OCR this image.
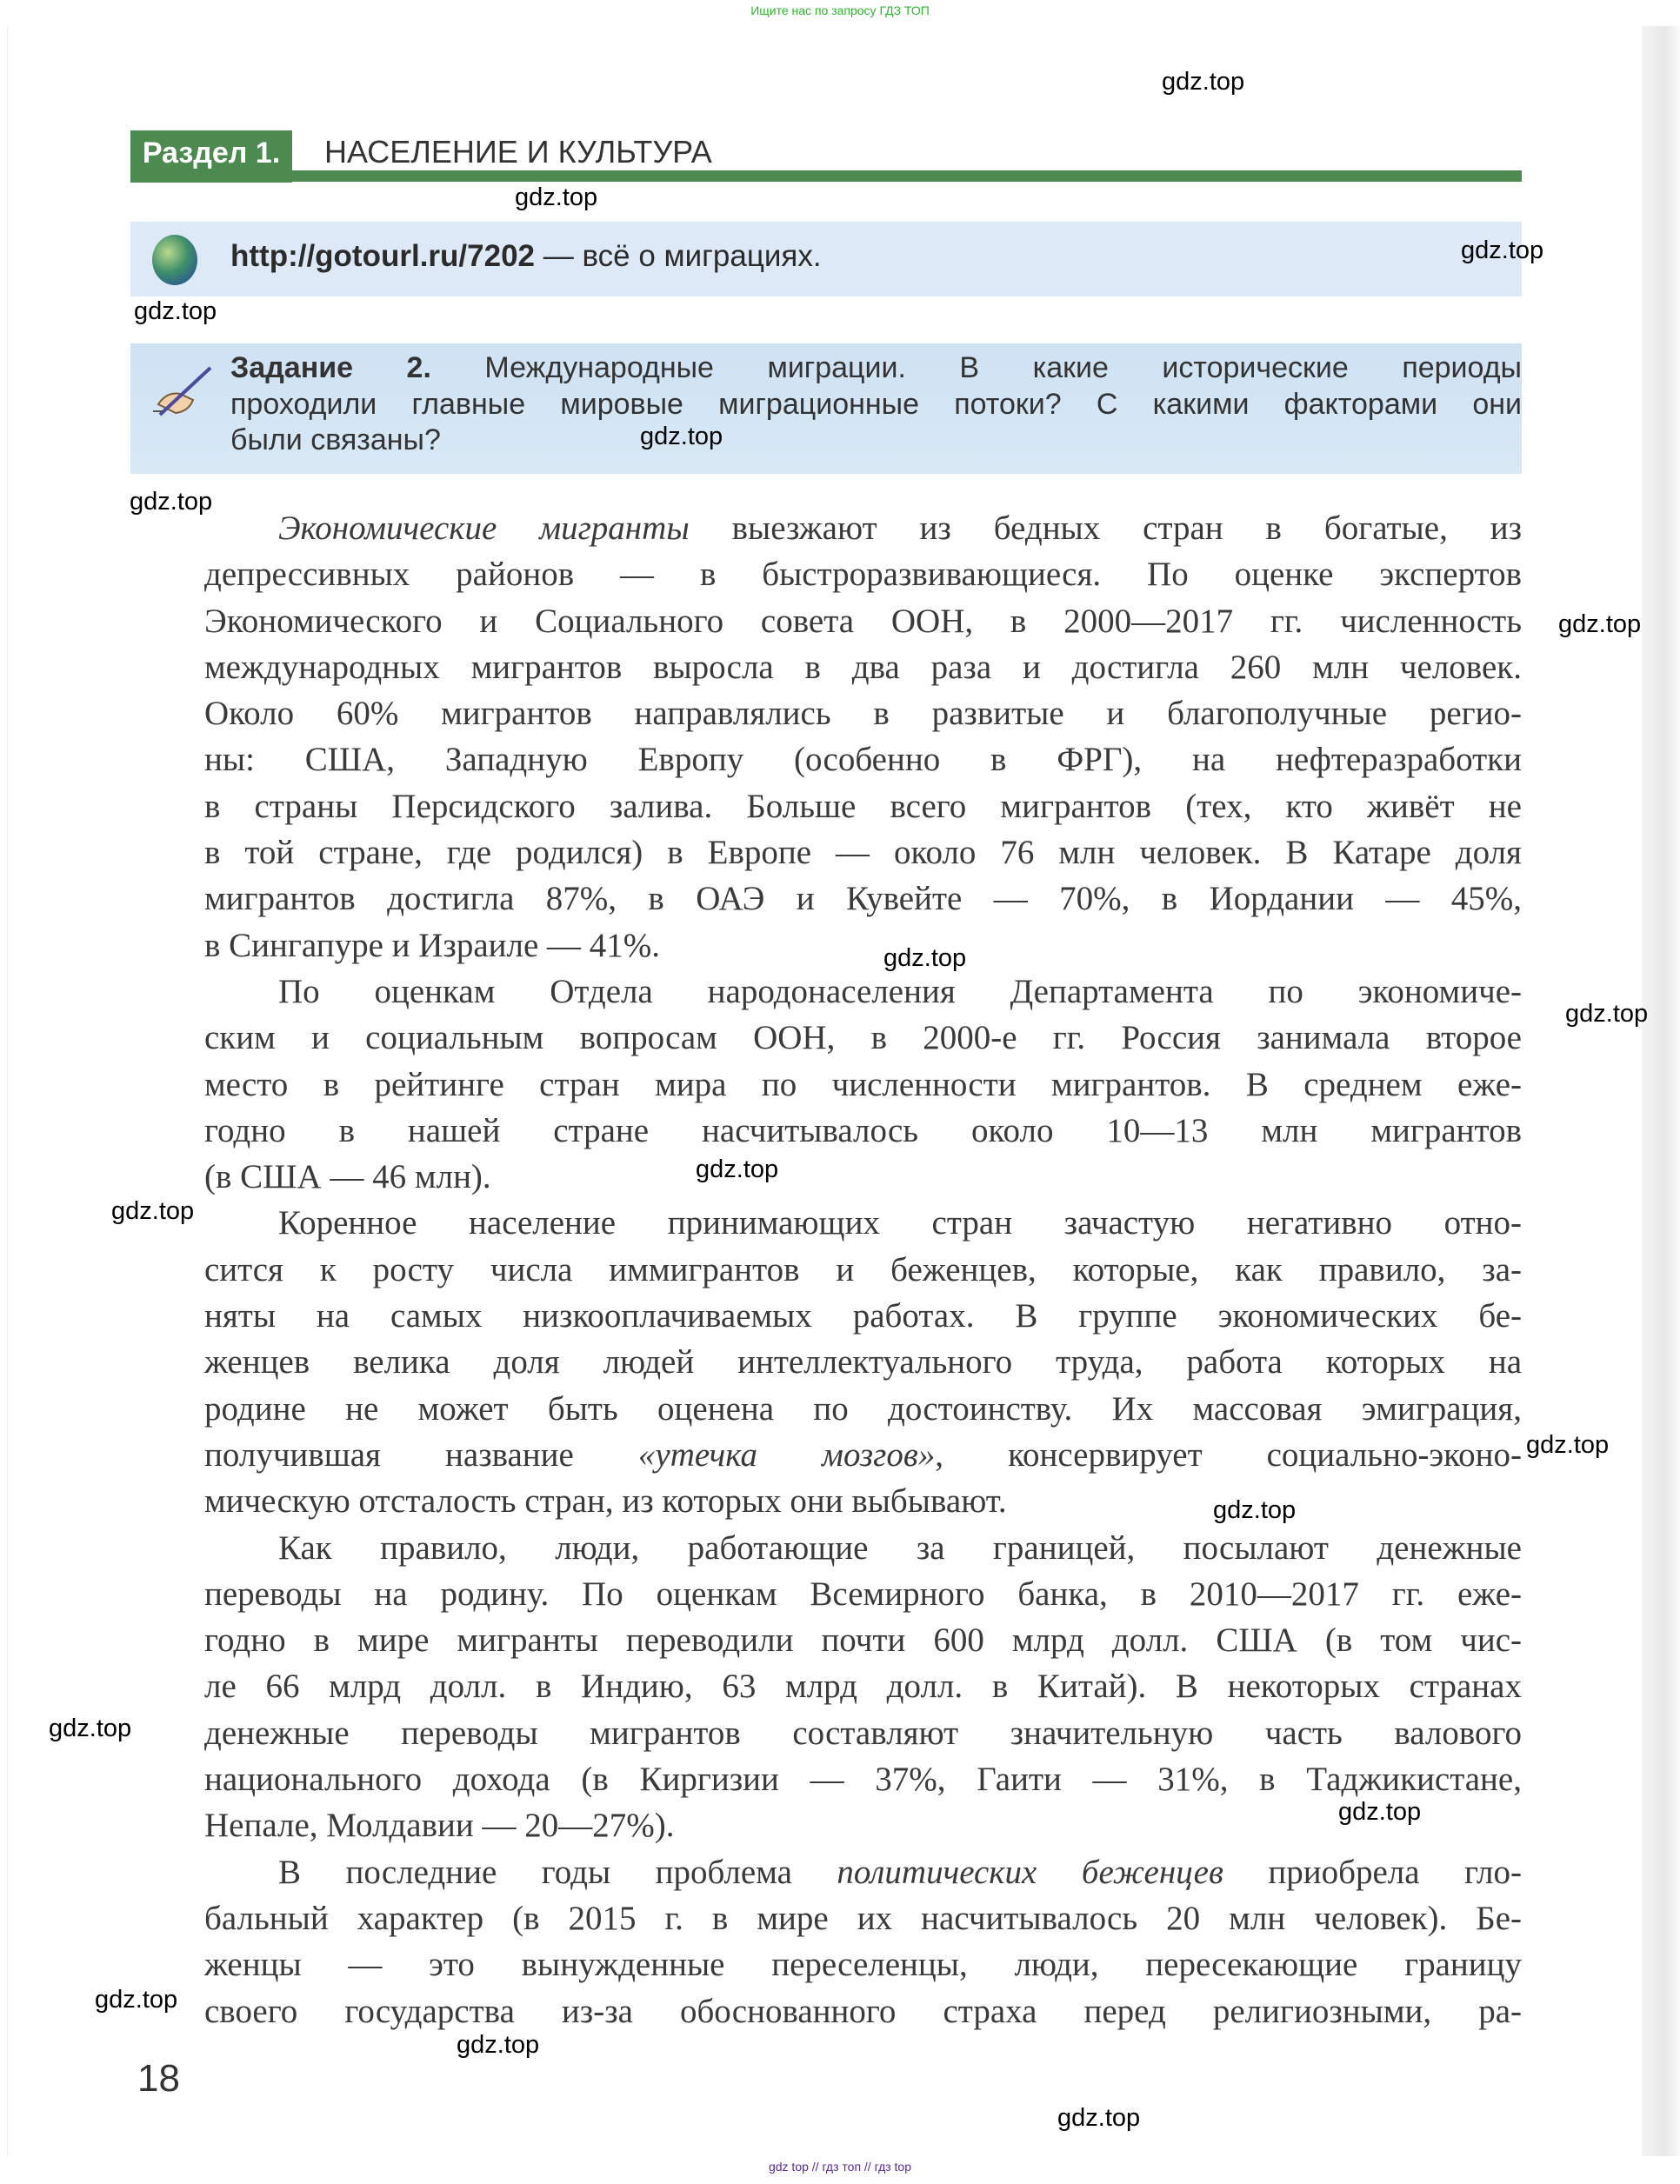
Ищите нас по запросу ГДЗ ТОП
Раздел 1.	НАСЕЛЕНИЕ И КУЛЬТУРА
http://gotourl.ru/7202 — всё о миграциях.
Задание 2. Международные миграции. В какие исторические периоды
проходили главные мировые миграционные потоки? С какими факторами они
были связаны?
Экономические мигранты выезжают из бедных стран в богатые, из
депрессивных районов — в быстроразвивающиеся. По оценке экспертов
Экономического и Социального совета ООН, в 2000—2017 гг. численность
международных мигрантов выросла в два раза и достигла 260 млн человек.
Около 60% мигрантов направлялись в развитые и благополучные регио-
ны: США, Западную Европу (особенно в ФРГ), на нефтеразработки
в страны Персидского залива. Больше всего мигрантов (тех, кто живёт не
в той стране, где родился) в Европе — около 76 млн человек. В Катаре доля
мигрантов достигла 87%, в ОАЭ и Кувейте — 70%, в Иордании — 45%,
в Сингапуре и Израиле — 41%.
По оценкам Отдела народонаселения Департамента по экономиче-
ским и социальным вопросам ООН, в 2000-е гг. Россия занимала второе
место в рейтинге стран мира по численности мигрантов. В среднем еже-
годно в нашей стране насчитывалось около 10—13 млн мигрантов
(в США — 46 млн).
Коренное население принимающих стран зачастую негативно отно-
сится к росту числа иммигрантов и беженцев, которые, как правило, за-
няты на самых низкооплачиваемых работах. В группе экономических бе-
женцев велика доля людей интеллектуального труда, работа которых на
родине не может быть оценена по достоинству. Их массовая эмиграция,
получившая название «утечка мозгов», консервирует социально-эконо-
мическую отсталость стран, из которых они выбывают.
Как правило, люди, работающие за границей, посылают денежные
переводы на родину. По оценкам Всемирного банка, в 2010—2017 гг. еже-
годно в мире мигранты переводили почти 600 млрд долл. США (в том чис-
ле 66 млрд долл. в Индию, 63 млрд долл. в Китай). В некоторых странах
денежные переводы мигрантов составляют значительную часть валового
национального дохода (в Киргизии — 37%, Гаити — 31%, в Таджикистане,
Непале, Молдавии — 20—27%).
В последние годы проблема политических беженцев приобрела гло-
бальный характер (в 2015 г. в мире их насчитывалось 20 млн человек). Бе-
женцы — это вынужденные переселенцы, люди, пересекающие границу
своего государства из-за обоснованного страха перед религиозными, ра-
18
gdz top // гдз топ // гдз top
gdz.top
gdz.top
gdz.top
gdz.top
gdz.top
gdz.top
gdz.top
gdz.top
gdz.top
gdz.top
gdz.top
gdz.top
gdz.top
gdz.top
gdz.top
gdz.top
gdz.top
gdz.top
